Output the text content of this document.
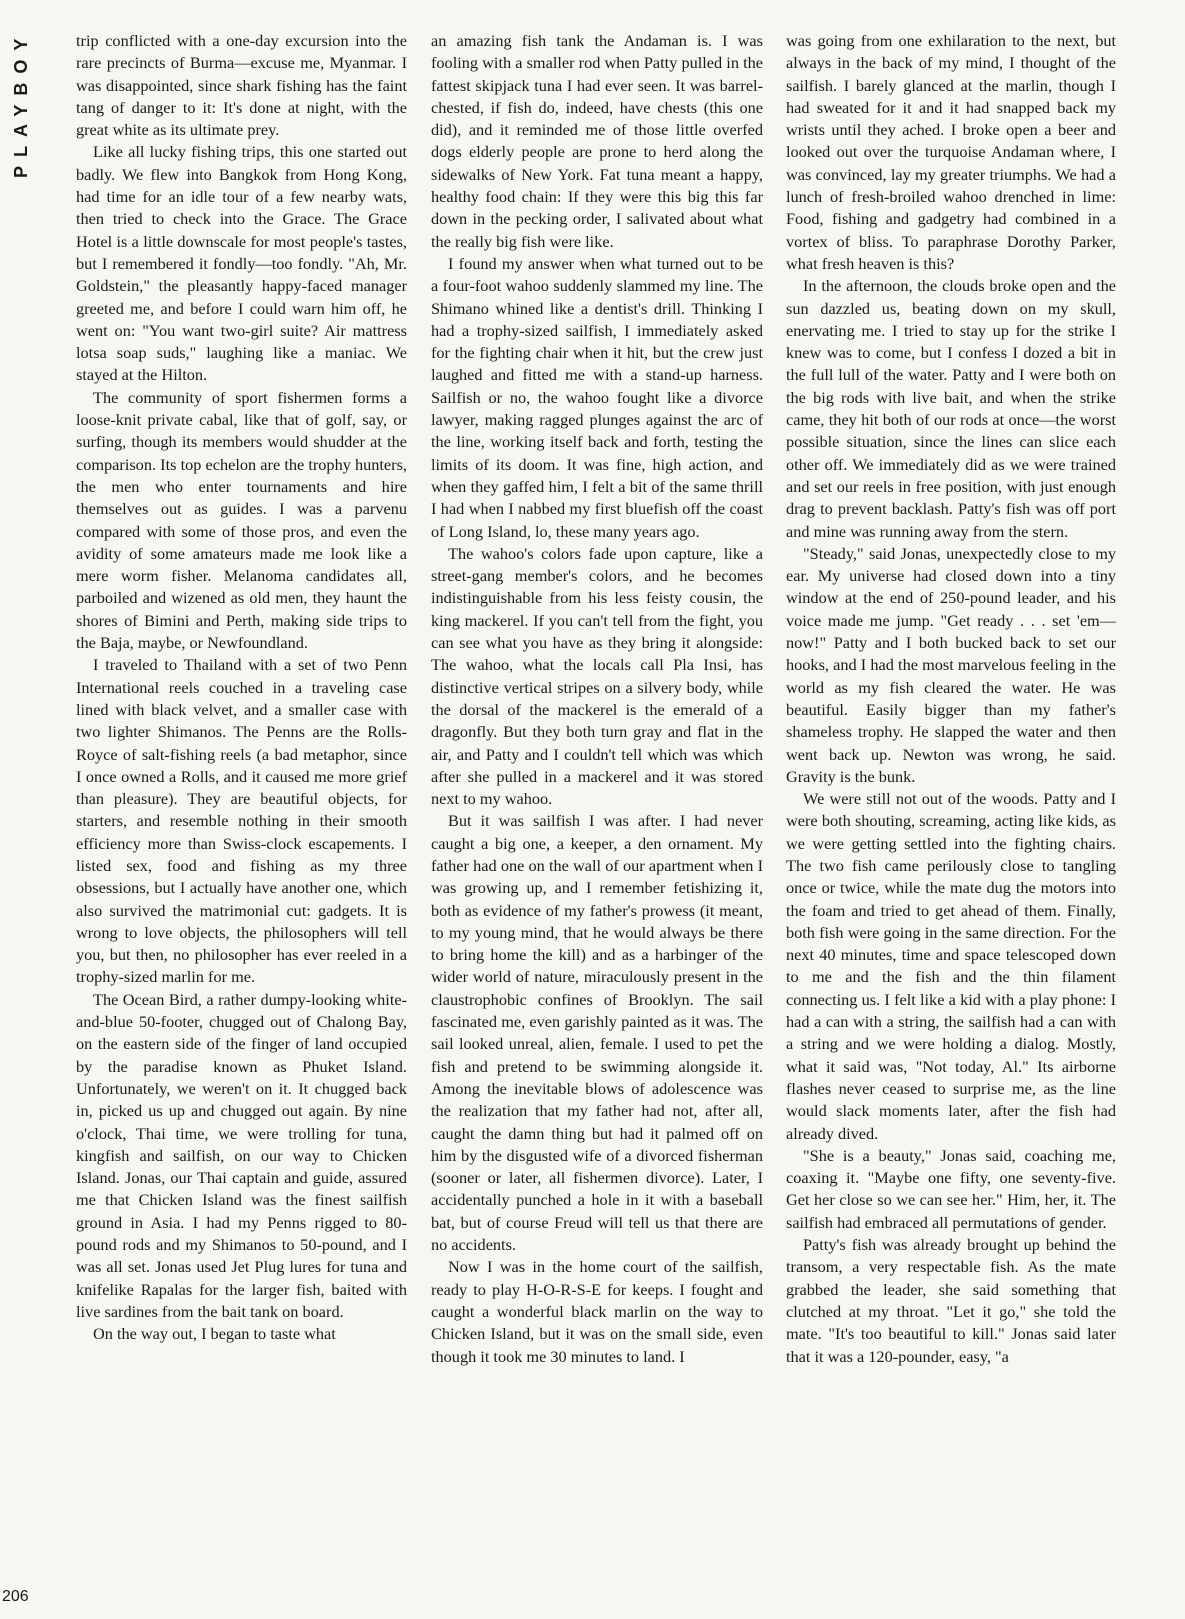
PLAYBOY
206

trip conflicted with a one-day excursion into the rare precincts of Burma—excuse me, Myanmar. I was disappointed, since shark fishing has the faint tang of danger to it: It's done at night, with the great white as its ultimate prey.

Like all lucky fishing trips, this one started out badly. We flew into Bangkok from Hong Kong, had time for an idle tour of a few nearby wats, then tried to check into the Grace. The Grace Hotel is a little downscale for most people's tastes, but I remembered it fondly—too fondly. "Ah, Mr. Goldstein," the pleasantly happy-faced manager greeted me, and before I could warn him off, he went on: "You want two-girl suite? Air mattress lotsa soap suds," laughing like a maniac. We stayed at the Hilton.

The community of sport fishermen forms a loose-knit private cabal, like that of golf, say, or surfing, though its members would shudder at the comparison. Its top echelon are the trophy hunters, the men who enter tournaments and hire themselves out as guides. I was a parvenu compared with some of those pros, and even the avidity of some amateurs made me look like a mere worm fisher. Melanoma candidates all, parboiled and wizened as old men, they haunt the shores of Bimini and Perth, making side trips to the Baja, maybe, or Newfoundland.

I traveled to Thailand with a set of two Penn International reels couched in a traveling case lined with black velvet, and a smaller case with two lighter Shimanos. The Penns are the Rolls-Royce of salt-fishing reels (a bad metaphor, since I once owned a Rolls, and it caused me more grief than pleasure). They are beautiful objects, for starters, and resemble nothing in their smooth efficiency more than Swiss-clock escapements. I listed sex, food and fishing as my three obsessions, but I actually have another one, which also survived the matrimonial cut: gadgets. It is wrong to love objects, the philosophers will tell you, but then, no philosopher has ever reeled in a trophy-sized marlin for me.

The Ocean Bird, a rather dumpy-looking white-and-blue 50-footer, chugged out of Chalong Bay, on the eastern side of the finger of land occupied by the paradise known as Phuket Island. Unfortunately, we weren't on it. It chugged back in, picked us up and chugged out again. By nine o'clock, Thai time, we were trolling for tuna, kingfish and sailfish, on our way to Chicken Island. Jonas, our Thai captain and guide, assured me that Chicken Island was the finest sailfish ground in Asia. I had my Penns rigged to 80-pound rods and my Shimanos to 50-pound, and I was all set. Jonas used Jet Plug lures for tuna and knifelike Rapalas for the larger fish, baited with live sardines from the bait tank on board.

On the way out, I began to taste what

an amazing fish tank the Andaman is. I was fooling with a smaller rod when Patty pulled in the fattest skipjack tuna I had ever seen. It was barrel-chested, if fish do, indeed, have chests (this one did), and it reminded me of those little overfed dogs elderly people are prone to herd along the sidewalks of New York. Fat tuna meant a happy, healthy food chain: If they were this big this far down in the pecking order, I salivated about what the really big fish were like.

I found my answer when what turned out to be a four-foot wahoo suddenly slammed my line. The Shimano whined like a dentist's drill. Thinking I had a trophy-sized sailfish, I immediately asked for the fighting chair when it hit, but the crew just laughed and fitted me with a stand-up harness. Sailfish or no, the wahoo fought like a divorce lawyer, making ragged plunges against the arc of the line, working itself back and forth, testing the limits of its doom. It was fine, high action, and when they gaffed him, I felt a bit of the same thrill I had when I nabbed my first bluefish off the coast of Long Island, lo, these many years ago.

The wahoo's colors fade upon capture, like a street-gang member's colors, and he becomes indistinguishable from his less feisty cousin, the king mackerel. If you can't tell from the fight, you can see what you have as they bring it alongside: The wahoo, what the locals call Pla Insi, has distinctive vertical stripes on a silvery body, while the dorsal of the mackerel is the emerald of a dragonfly. But they both turn gray and flat in the air, and Patty and I couldn't tell which was which after she pulled in a mackerel and it was stored next to my wahoo.

But it was sailfish I was after. I had never caught a big one, a keeper, a den ornament. My father had one on the wall of our apartment when I was growing up, and I remember fetishizing it, both as evidence of my father's prowess (it meant, to my young mind, that he would always be there to bring home the kill) and as a harbinger of the wider world of nature, miraculously present in the claustrophobic confines of Brooklyn. The sail fascinated me, even garishly painted as it was. The sail looked unreal, alien, female. I used to pet the fish and pretend to be swimming alongside it. Among the inevitable blows of adolescence was the realization that my father had not, after all, caught the damn thing but had it palmed off on him by the disgusted wife of a divorced fisherman (sooner or later, all fishermen divorce). Later, I accidentally punched a hole in it with a baseball bat, but of course Freud will tell us that there are no accidents.

Now I was in the home court of the sailfish, ready to play H-O-R-S-E for keeps. I fought and caught a wonderful black marlin on the way to Chicken Island, but it was on the small side, even though it took me 30 minutes to land. I

was going from one exhilaration to the next, but always in the back of my mind, I thought of the sailfish. I barely glanced at the marlin, though I had sweated for it and it had snapped back my wrists until they ached. I broke open a beer and looked out over the turquoise Andaman where, I was convinced, lay my greater triumphs. We had a lunch of fresh-broiled wahoo drenched in lime: Food, fishing and gadgetry had combined in a vortex of bliss. To paraphrase Dorothy Parker, what fresh heaven is this?

In the afternoon, the clouds broke open and the sun dazzled us, beating down on my skull, enervating me. I tried to stay up for the strike I knew was to come, but I confess I dozed a bit in the full lull of the water. Patty and I were both on the big rods with live bait, and when the strike came, they hit both of our rods at once—the worst possible situation, since the lines can slice each other off. We immediately did as we were trained and set our reels in free position, with just enough drag to prevent backlash. Patty's fish was off port and mine was running away from the stern.

"Steady," said Jonas, unexpectedly close to my ear. My universe had closed down into a tiny window at the end of 250-pound leader, and his voice made me jump. "Get ready . . . set 'em—now!" Patty and I both bucked back to set our hooks, and I had the most marvelous feeling in the world as my fish cleared the water. He was beautiful. Easily bigger than my father's shameless trophy. He slapped the water and then went back up. Newton was wrong, he said. Gravity is the bunk.

We were still not out of the woods. Patty and I were both shouting, screaming, acting like kids, as we were getting settled into the fighting chairs. The two fish came perilously close to tangling once or twice, while the mate dug the motors into the foam and tried to get ahead of them. Finally, both fish were going in the same direction. For the next 40 minutes, time and space telescoped down to me and the fish and the thin filament connecting us. I felt like a kid with a play phone: I had a can with a string, the sailfish had a can with a string and we were holding a dialog. Mostly, what it said was, "Not today, Al." Its airborne flashes never ceased to surprise me, as the line would slack moments later, after the fish had already dived.

"She is a beauty," Jonas said, coaching me, coaxing it. "Maybe one fifty, one seventy-five. Get her close so we can see her." Him, her, it. The sailfish had embraced all permutations of gender.

Patty's fish was already brought up behind the transom, a very respectable fish. As the mate grabbed the leader, she said something that clutched at my throat. "Let it go," she told the mate. "It's too beautiful to kill." Jonas said later that it was a 120-pounder, easy, "a
